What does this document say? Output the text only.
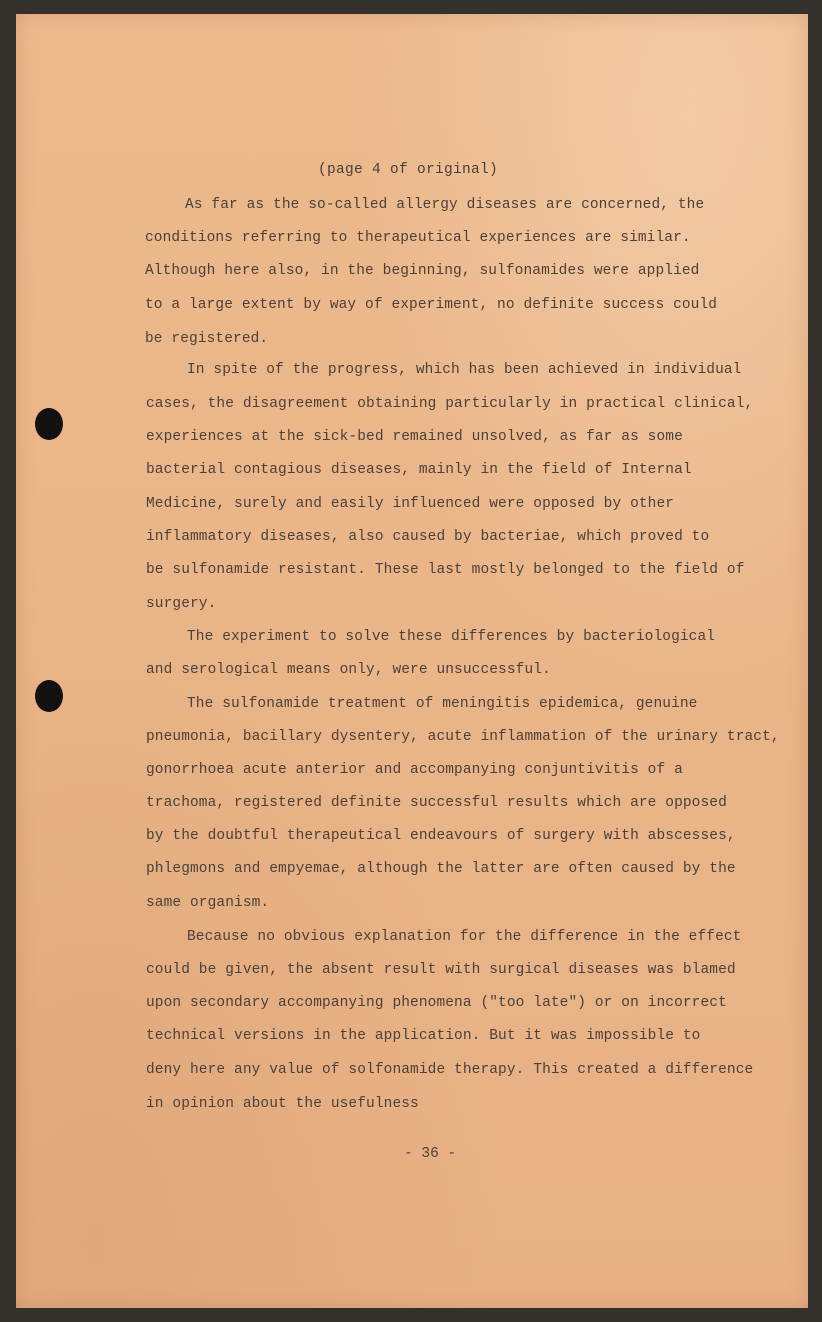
(page 4 of original)
As far as the so-called allergy diseases are concerned, the
conditions referring to therapeutical experiences are similar.
Although here also, in the beginning, sulfonamides were applied
to a large extent by way of experiment, no definite success could
be registered.
In spite of the progress, which has been achieved in individual
cases, the disagreement obtaining particularly in practical clinical,
experiences at the sick-bed remained unsolved, as far as some
bacterial contagious diseases, mainly in the field of Internal
Medicine, surely and easily influenced were opposed by other
inflammatory diseases, also caused by bacteriae, which proved to
be sulfonamide resistant. These last mostly belonged to the field of
surgery.
The experiment to solve these differences by bacteriological
and serological means only, were unsuccessful.
The sulfonamide treatment of meningitis epidemica, genuine
pneumonia, bacillary dysentery, acute inflammation of the urinary tract,
gonorrhoea acute anterior and accompanying conjuntivitis of a
trachoma, registered definite successful results which are opposed
by the doubtful therapeutical endeavours of surgery with abscesses,
phlegmons and empyemae, although the latter are often caused by the
same organism.
Because no obvious explanation for the difference in the effect
could be given, the absent result with surgical diseases was blamed
upon secondary accompanying phenomena ("too late") or on incorrect
technical versions in the application. But it was impossible to
deny here any value of solfonamide therapy. This created a difference
in opinion about the usefulness
- 36 -
